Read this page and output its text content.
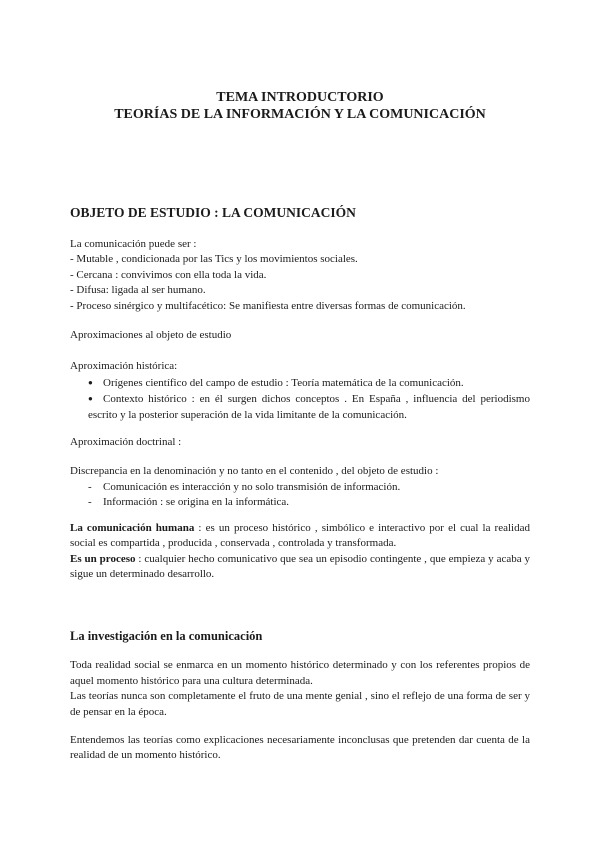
TEMA INTRODUCTORIO
TEORÍAS DE LA INFORMACIÓN Y LA COMUNICACIÓN
OBJETO DE ESTUDIO : LA COMUNICACIÓN
La comunicación puede ser :
- Mutable , condicionada por las Tics y los movimientos sociales.
- Cercana : convivimos con ella toda la vida.
- Difusa: ligada al ser humano.
- Proceso sinérgico y multifacético: Se manifiesta entre diversas formas de comunicación.
Aproximaciones al objeto de estudio
Aproximación histórica:
● Orígenes científico del campo de estudio : Teoría matemática de la comunicación.
● Contexto histórico : en él surgen dichos conceptos . En España , influencia del periodismo escrito y la posterior superación de la vida limitante de la comunicación.
Aproximación doctrinal :
Discrepancia en la denominación y no tanto en el contenido , del objeto de estudio :
- Comunicación es interacción y no solo transmisión de información.
- Información : se origina en la informática.
La comunicación humana : es un proceso histórico , simbólico e interactivo por el cual la realidad social es compartida , producida , conservada , controlada y transformada.
Es un proceso : cualquier hecho comunicativo que sea un episodio contingente , que empieza y acaba y sigue un determinado desarrollo.
La investigación en la comunicación
Toda realidad social se enmarca en un momento histórico determinado y con los referentes propios de aquel momento histórico para una cultura determinada.
Las teorías nunca son completamente el fruto de una mente genial , sino el reflejo de una forma de ser y de pensar en la época.
Entendemos las teorías como explicaciones necesariamente inconclusas que pretenden dar cuenta de la realidad de un momento histórico.
